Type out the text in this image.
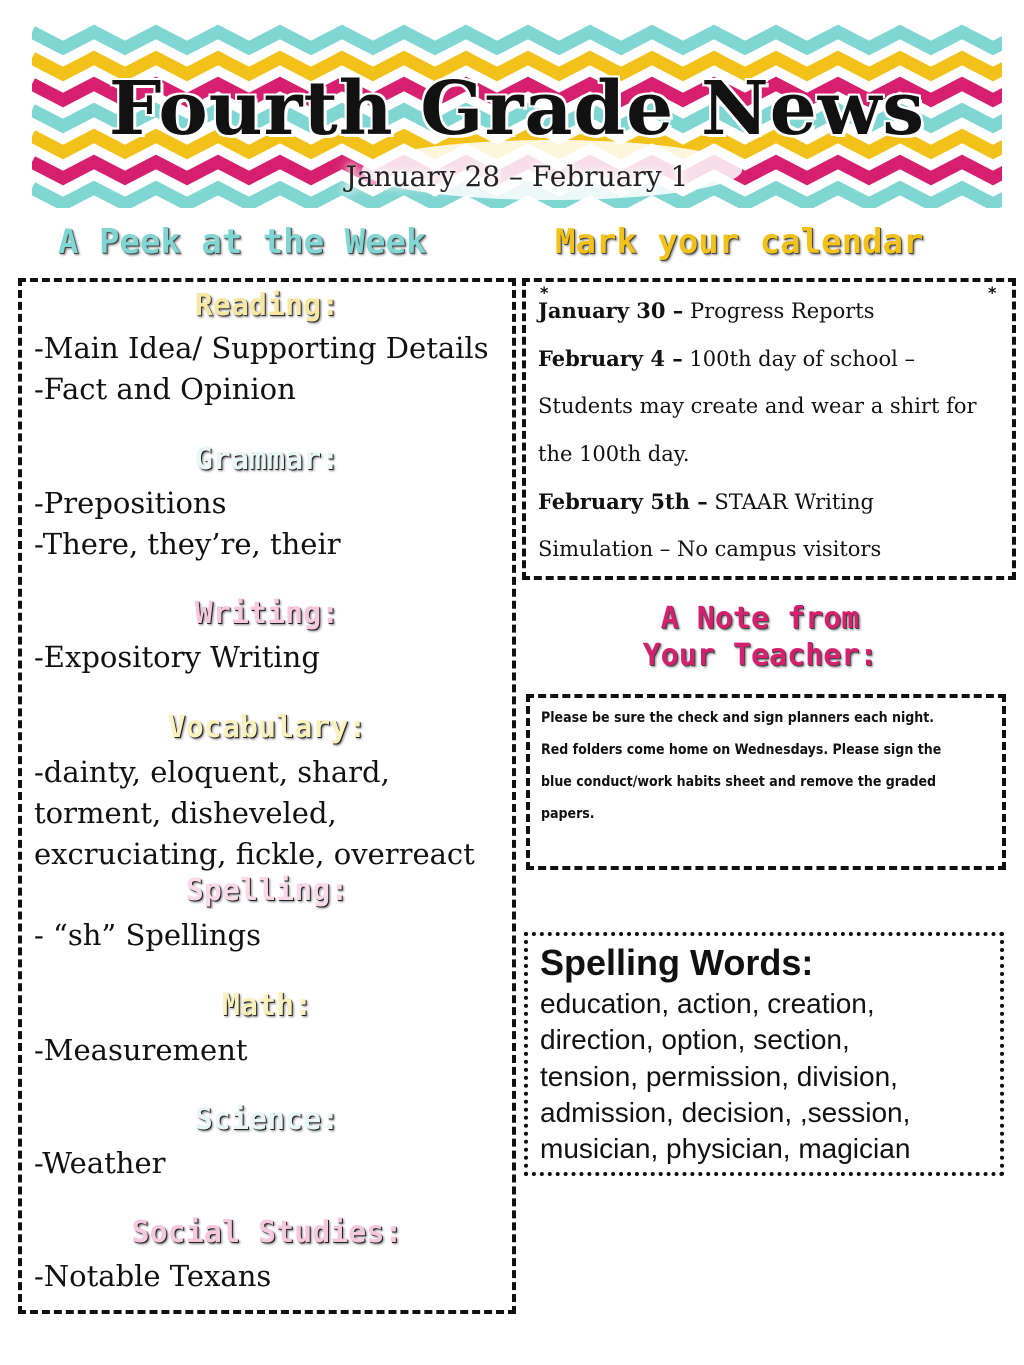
Fourth Grade News
January 28 – February 1
A Peek at the Week	Mark your calendar
Reading:
-Main Idea/ Supporting Details
-Fact and Opinion
Grammar:
-Prepositions
-There, they’re, their
Writing:
-Expository Writing
Vocabulary:
-dainty, eloquent, shard,
torment, disheveled,
excruciating, fickle, overreact
Spelling:
- “sh” Spellings
Math:
-Measurement
Science:
-Weather
Social Studies:
-Notable Texans
*	*
January 30 – Progress Reports
February 4 – 100th day of school –
Students may create and wear a shirt for
the 100th day.
February 5th – STAAR Writing
Simulation – No campus visitors
A Note from
Your Teacher:
Please be sure the check and sign planners each night.
Red folders come home on Wednesdays. Please sign the
blue conduct/work habits sheet and remove the graded
papers.
Spelling Words:
education, action, creation,
direction, option, section,
tension, permission, division,
admission, decision, ,session,
musician, physician, magician
